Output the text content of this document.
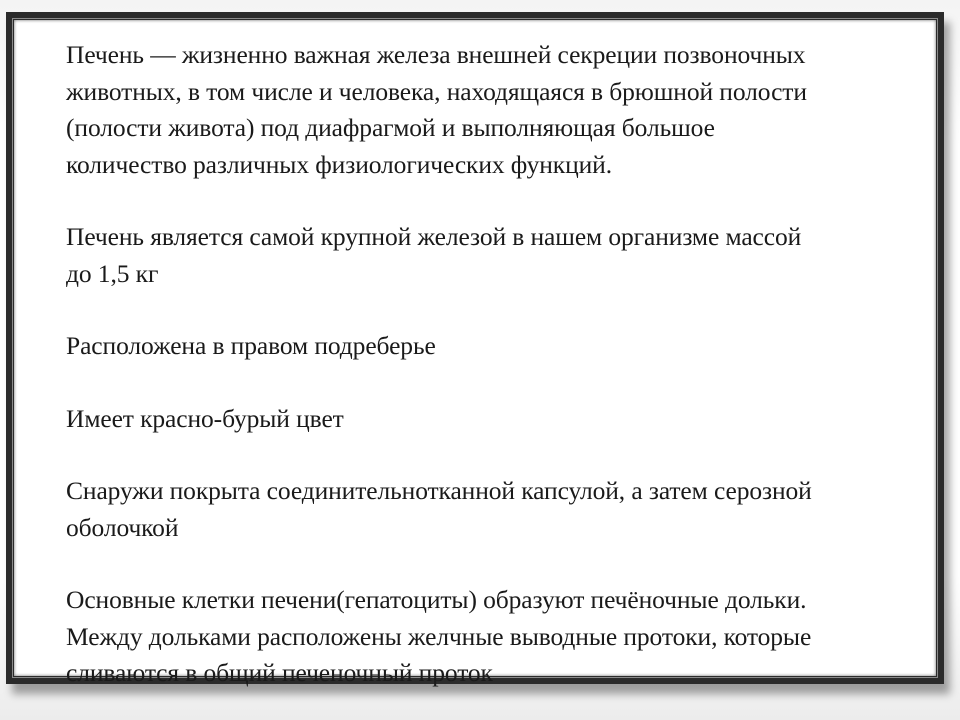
Печень — жизненно важная железа внешней секреции позвоночных
животных, в том числе и человека, находящаяся в брюшной полости
(полости живота) под диафрагмой и выполняющая большое
количество различных физиологических функций.
Печень является самой крупной железой в нашем организме массой
до 1,5 кг
Расположена в правом подреберье
Имеет красно-бурый цвет
Снаружи покрыта соединительнотканной капсулой, а затем серозной
оболочкой
Основные клетки печени(гепатоциты) образуют печёночные дольки.
Между дольками расположены желчные выводные протоки, которые
сливаются в общий печеночный проток
